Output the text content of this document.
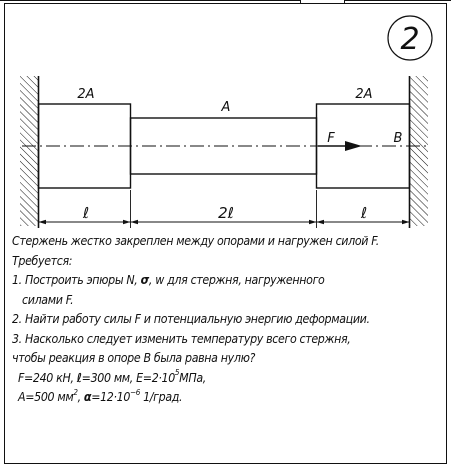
2
2A
A
2A
F	B
ℓ	2ℓ	ℓ
Стержень жестко закреплен между опорами и нагружен силой F.
Требуется:
1. Построить эпюры N, σ, w для стержня, нагруженного
силами F.
2. Найти работу силы F и потенциальную энергию деформации.
3. Насколько следует изменить температуру всего стержня,
чтобы реакция в опоре B была равна нулю?
F=240 кН, ℓ=300 мм, $E=2\cdot 10^5МПа$,
A=500 $мм^2$, $\alpha=12\cdot 10^{-6}$ 1/град.
